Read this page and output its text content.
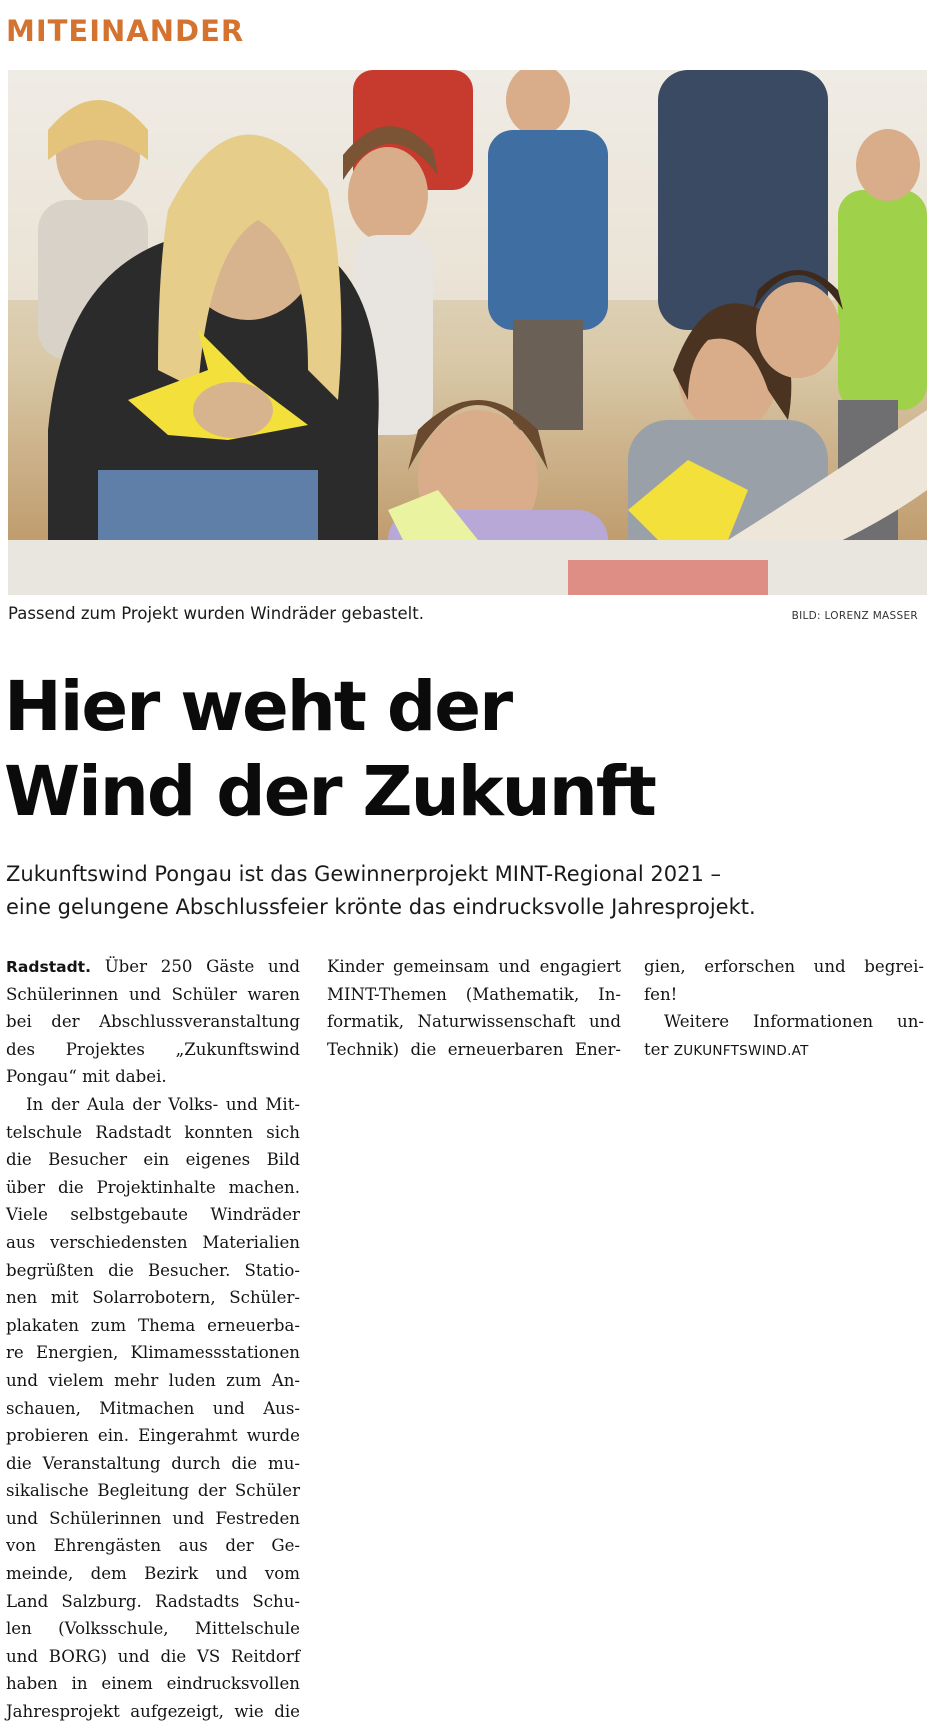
MITEINANDER
Passend zum Projekt wurden Windräder gebastelt.	BILD: LORENZ MASSER
Hier weht der
Wind der Zukunft

Zukunftswind Pongau ist das Gewinnerprojekt MINT-Regional 2021 –
eine gelungene Abschlussfeier krönte das eindrucksvolle Jahresprojekt.

Radstadt. Über 250 Gäste und
Schülerinnen und Schüler waren
bei der Abschlussveranstaltung
des Projektes „Zukunftswind
Pongau“ mit dabei.
In der Aula der Volks- und Mit-
telschule Radstadt konnten sich
die Besucher ein eigenes Bild
über die Projektinhalte machen.
Viele selbstgebaute Windräder
aus verschiedensten Materialien
begrüßten die Besucher. Statio-
nen mit Solarrobotern, Schüler-
plakaten zum Thema erneuerba-
re Energien, Klimamessstationen
und vielem mehr luden zum An-
schauen, Mitmachen und Aus-
probieren ein. Eingerahmt wurde
die Veranstaltung durch die mu-
sikalische Begleitung der Schüler
und Schülerinnen und Festreden
von Ehrengästen aus der Ge-
meinde, dem Bezirk und vom
Land Salzburg. Radstadts Schu-
len (Volksschule, Mittelschule
und BORG) und die VS Reitdorf
haben in einem eindrucksvollen
Jahresprojekt aufgezeigt, wie die
Kinder gemeinsam und engagiert
MINT-Themen (Mathematik, In-
formatik, Naturwissenschaft und
Technik) die erneuerbaren Ener-
gien, erforschen und begrei-
fen!
Weitere Informationen un-
ter ZUKUNFTSWIND.AT
